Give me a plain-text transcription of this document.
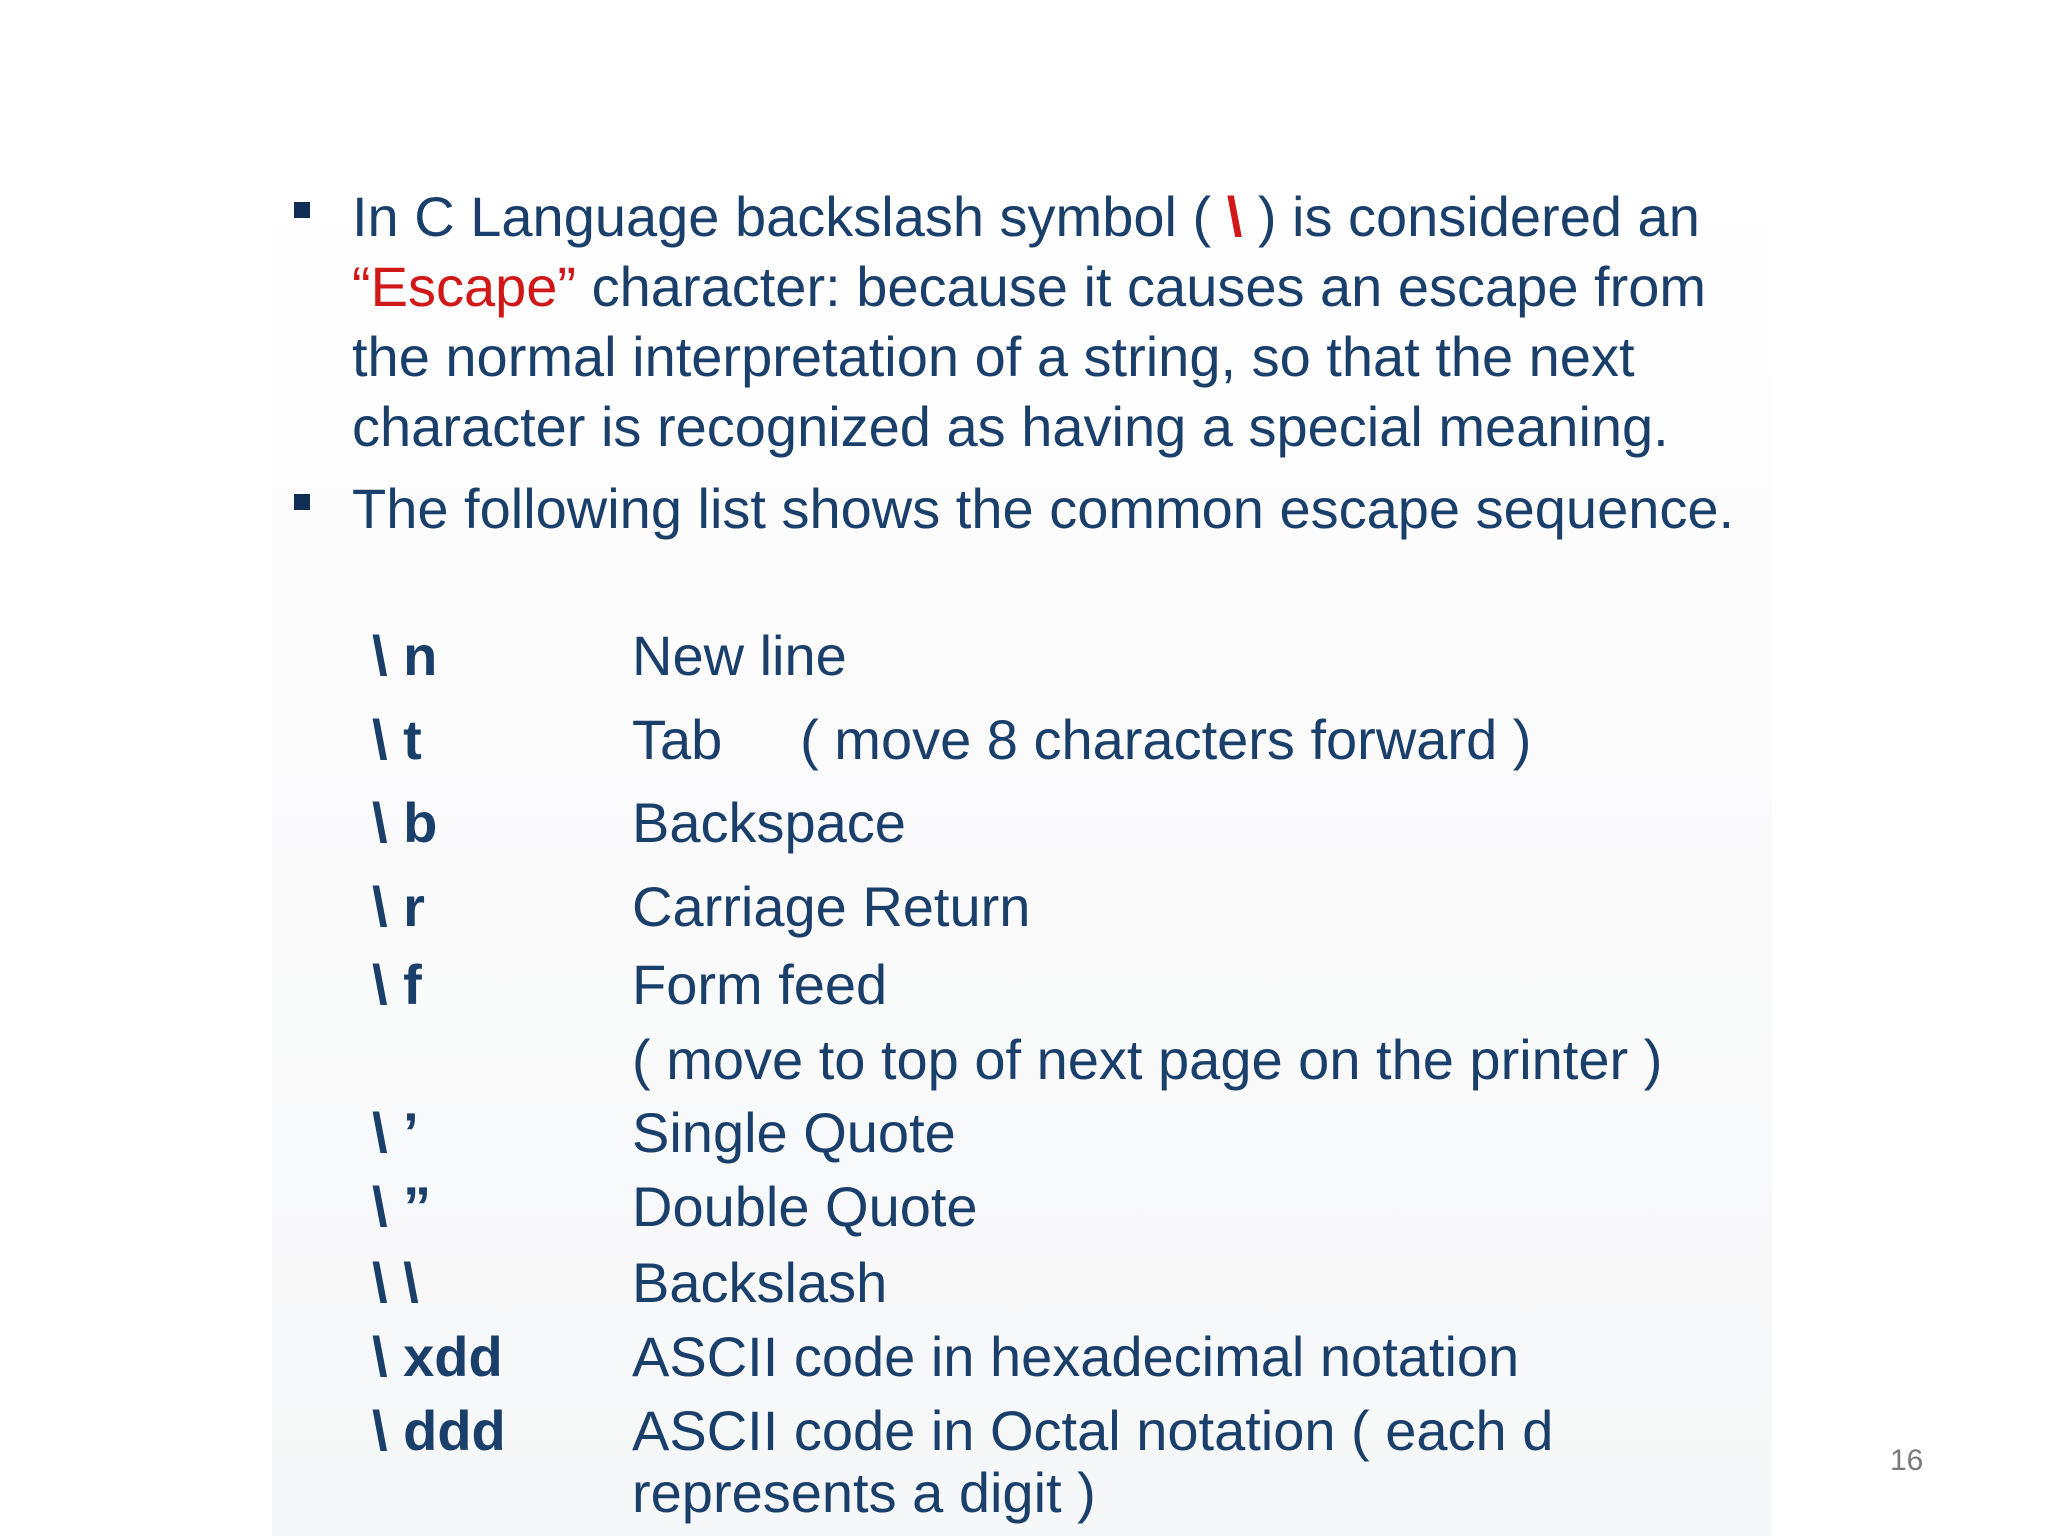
In C Language backslash symbol ( \ ) is considered an
“Escape” character: because it causes an escape from the normal interpretation of a string, so that the next character is recognized as having a special meaning.
The following list shows the common escape sequence.
\ n	New line
\ t	Tab     ( move 8 characters forward )
\ b	Backspace
\ r	Carriage Return
\ f	Form feed
( move to top of next page on the printer )
\ ’	Single Quote
\ ”	Double Quote
\ \	Backslash
\ xdd	ASCII code in hexadecimal notation
\ ddd	ASCII code in Octal notation ( each d
represents a digit )
16
